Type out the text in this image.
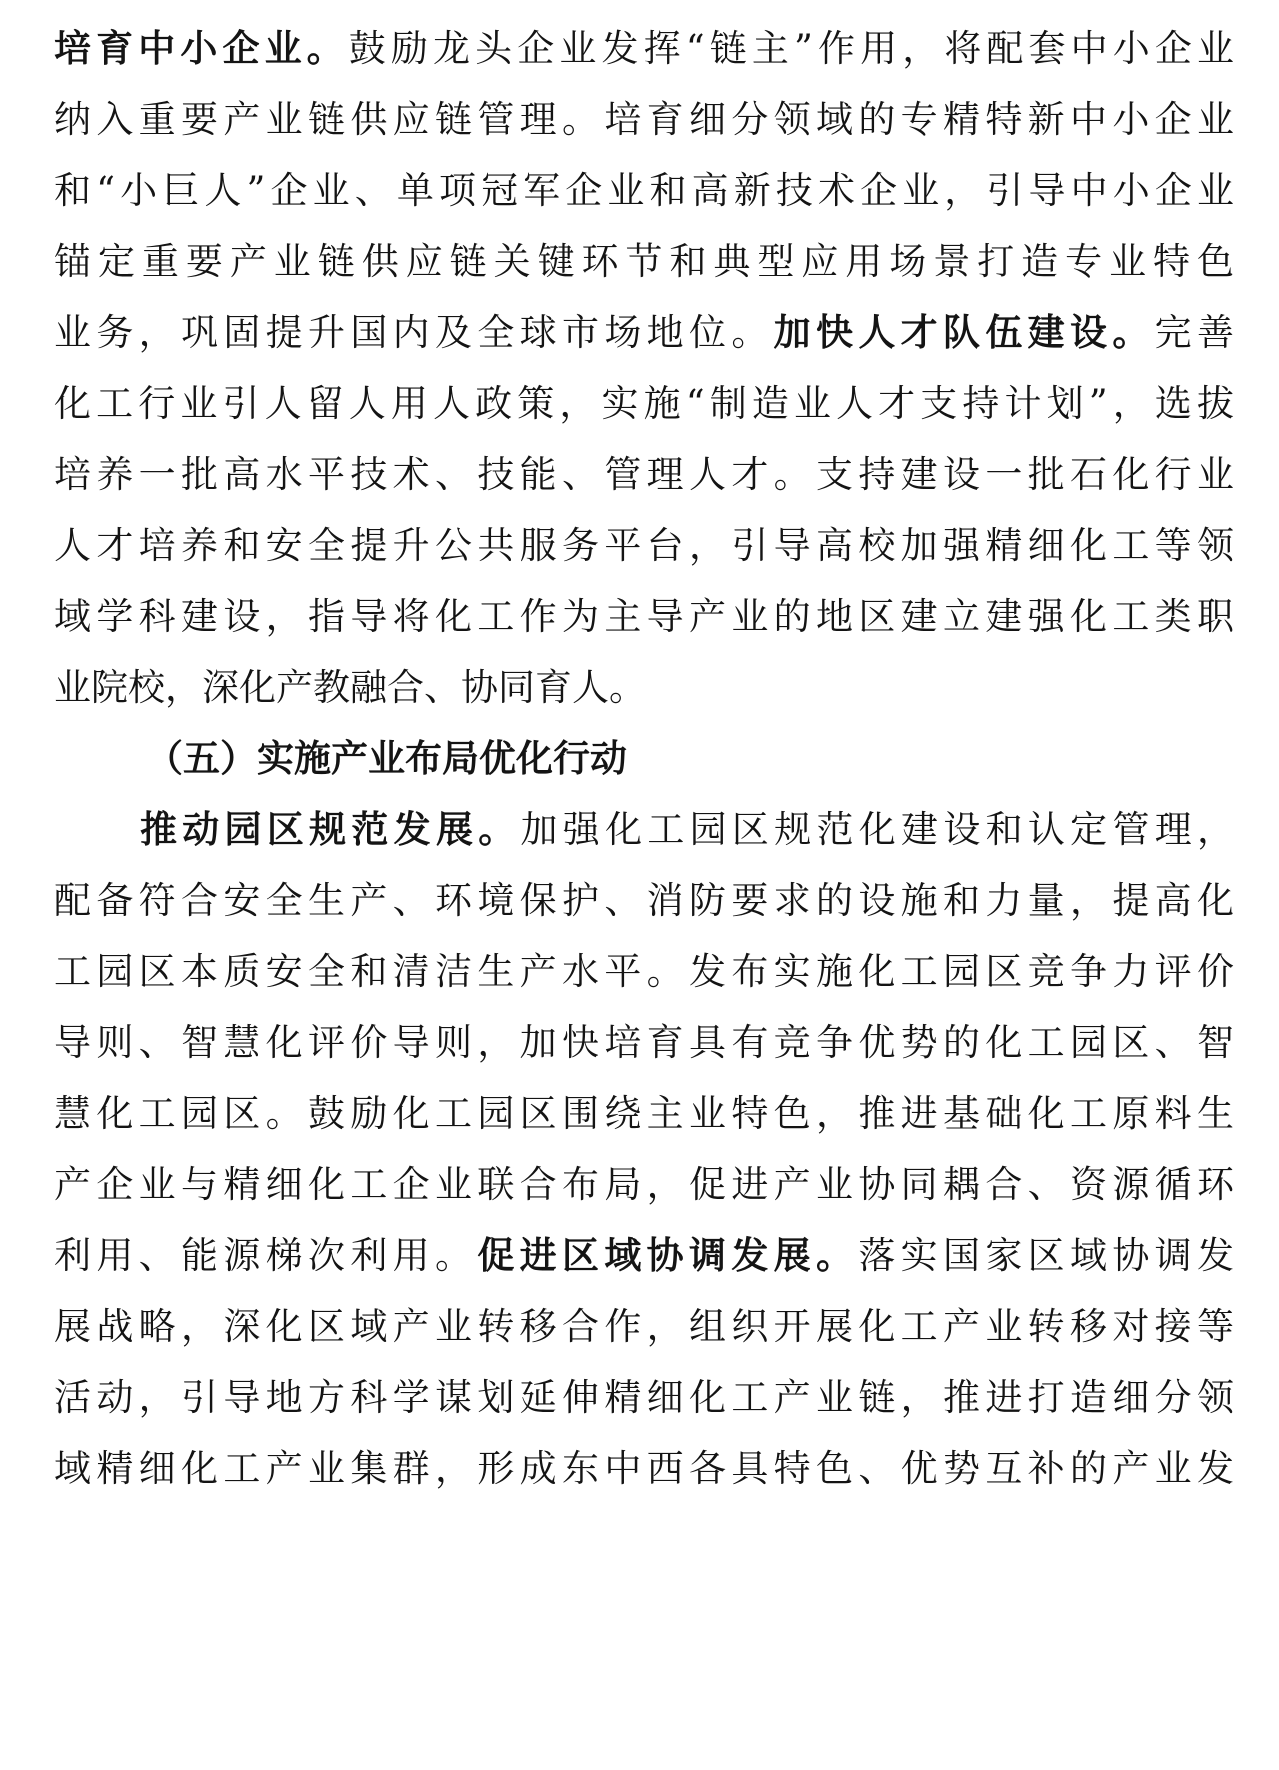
培育中小企业。鼓励龙头企业发挥“链主”作用，将配套中小企业
纳入重要产业链供应链管理。培育细分领域的专精特新中小企业
和“小巨人”企业、单项冠军企业和高新技术企业，引导中小企业
锚定重要产业链供应链关键环节和典型应用场景打造专业特色
业务，巩固提升国内及全球市场地位。加快人才队伍建设。完善
化工行业引人留人用人政策，实施“制造业人才支持计划”，选拔
培养一批高水平技术、技能、管理人才。支持建设一批石化行业
人才培养和安全提升公共服务平台，引导高校加强精细化工等领
域学科建设，指导将化工作为主导产业的地区建立建强化工类职
业院校，深化产教融合、协同育人。
（五）实施产业布局优化行动
推动园区规范发展。加强化工园区规范化建设和认定管理，
配备符合安全生产、环境保护、消防要求的设施和力量，提高化
工园区本质安全和清洁生产水平。发布实施化工园区竞争力评价
导则、智慧化评价导则，加快培育具有竞争优势的化工园区、智
慧化工园区。鼓励化工园区围绕主业特色，推进基础化工原料生
产企业与精细化工企业联合布局，促进产业协同耦合、资源循环
利用、能源梯次利用。促进区域协调发展。落实国家区域协调发
展战略，深化区域产业转移合作，组织开展化工产业转移对接等
活动，引导地方科学谋划延伸精细化工产业链，推进打造细分领
域精细化工产业集群，形成东中西各具特色、优势互补的产业发
